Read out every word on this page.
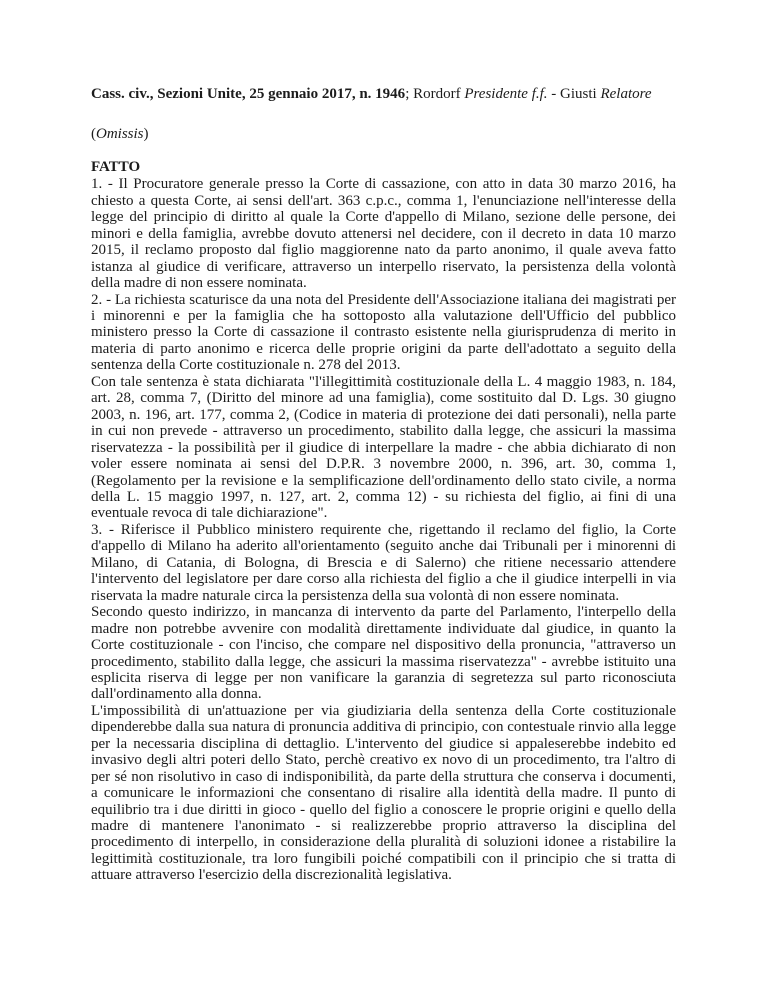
Cass. civ., Sezioni Unite, 25 gennaio 2017, n. 1946; Rordorf Presidente f.f. - Giusti Relatore

(Omissis)

FATTO

1. - Il Procuratore generale presso la Corte di cassazione, con atto in data 30 marzo 2016, ha chiesto a questa Corte, ai sensi dell'art. 363 c.p.c., comma 1, l'enunciazione nell'interesse della legge del principio di diritto al quale la Corte d'appello di Milano, sezione delle persone, dei minori e della famiglia, avrebbe dovuto attenersi nel decidere, con il decreto in data 10 marzo 2015, il reclamo proposto dal figlio maggiorenne nato da parto anonimo, il quale aveva fatto istanza al giudice di verificare, attraverso un interpello riservato, la persistenza della volontà della madre di non essere nominata.

2. - La richiesta scaturisce da una nota del Presidente dell'Associazione italiana dei magistrati per i minorenni e per la famiglia che ha sottoposto alla valutazione dell'Ufficio del pubblico ministero presso la Corte di cassazione il contrasto esistente nella giurisprudenza di merito in materia di parto anonimo e ricerca delle proprie origini da parte dell'adottato a seguito della sentenza della Corte costituzionale n. 278 del 2013.

Con tale sentenza è stata dichiarata "l'illegittimità costituzionale della L. 4 maggio 1983, n. 184, art. 28, comma 7, (Diritto del minore ad una famiglia), come sostituito dal D. Lgs. 30 giugno 2003, n. 196, art. 177, comma 2, (Codice in materia di protezione dei dati personali), nella parte in cui non prevede - attraverso un procedimento, stabilito dalla legge, che assicuri la massima riservatezza - la possibilità per il giudice di interpellare la madre - che abbia dichiarato di non voler essere nominata ai sensi del D.P.R. 3 novembre 2000, n. 396, art. 30, comma 1, (Regolamento per la revisione e la semplificazione dell'ordinamento dello stato civile, a norma della L. 15 maggio 1997, n. 127, art. 2, comma 12) - su richiesta del figlio, ai fini di una eventuale revoca di tale dichiarazione".

3. - Riferisce il Pubblico ministero requirente che, rigettando il reclamo del figlio, la Corte d'appello di Milano ha aderito all'orientamento (seguito anche dai Tribunali per i minorenni di Milano, di Catania, di Bologna, di Brescia e di Salerno) che ritiene necessario attendere l'intervento del legislatore per dare corso alla richiesta del figlio a che il giudice interpelli in via riservata la madre naturale circa la persistenza della sua volontà di non essere nominata.

Secondo questo indirizzo, in mancanza di intervento da parte del Parlamento, l'interpello della madre non potrebbe avvenire con modalità direttamente individuate dal giudice, in quanto la Corte costituzionale - con l'inciso, che compare nel dispositivo della pronuncia, "attraverso un procedimento, stabilito dalla legge, che assicuri la massima riservatezza" - avrebbe istituito una esplicita riserva di legge per non vanificare la garanzia di segretezza sul parto riconosciuta dall'ordinamento alla donna.

L'impossibilità di un'attuazione per via giudiziaria della sentenza della Corte costituzionale dipenderebbe dalla sua natura di pronuncia additiva di principio, con contestuale rinvio alla legge per la necessaria disciplina di dettaglio. L'intervento del giudice si appaleserebbe indebito ed invasivo degli altri poteri dello Stato, perchè creativo ex novo di un procedimento, tra l'altro di per sé non risolutivo in caso di indisponibilità, da parte della struttura che conserva i documenti, a comunicare le informazioni che consentano di risalire alla identità della madre. Il punto di equilibrio tra i due diritti in gioco - quello del figlio a conoscere le proprie origini e quello della madre di mantenere l'anonimato - si realizzerebbe proprio attraverso la disciplina del procedimento di interpello, in considerazione della pluralità di soluzioni idonee a ristabilire la legittimità costituzionale, tra loro fungibili poiché compatibili con il principio che si tratta di attuare attraverso l'esercizio della discrezionalità legislativa.
